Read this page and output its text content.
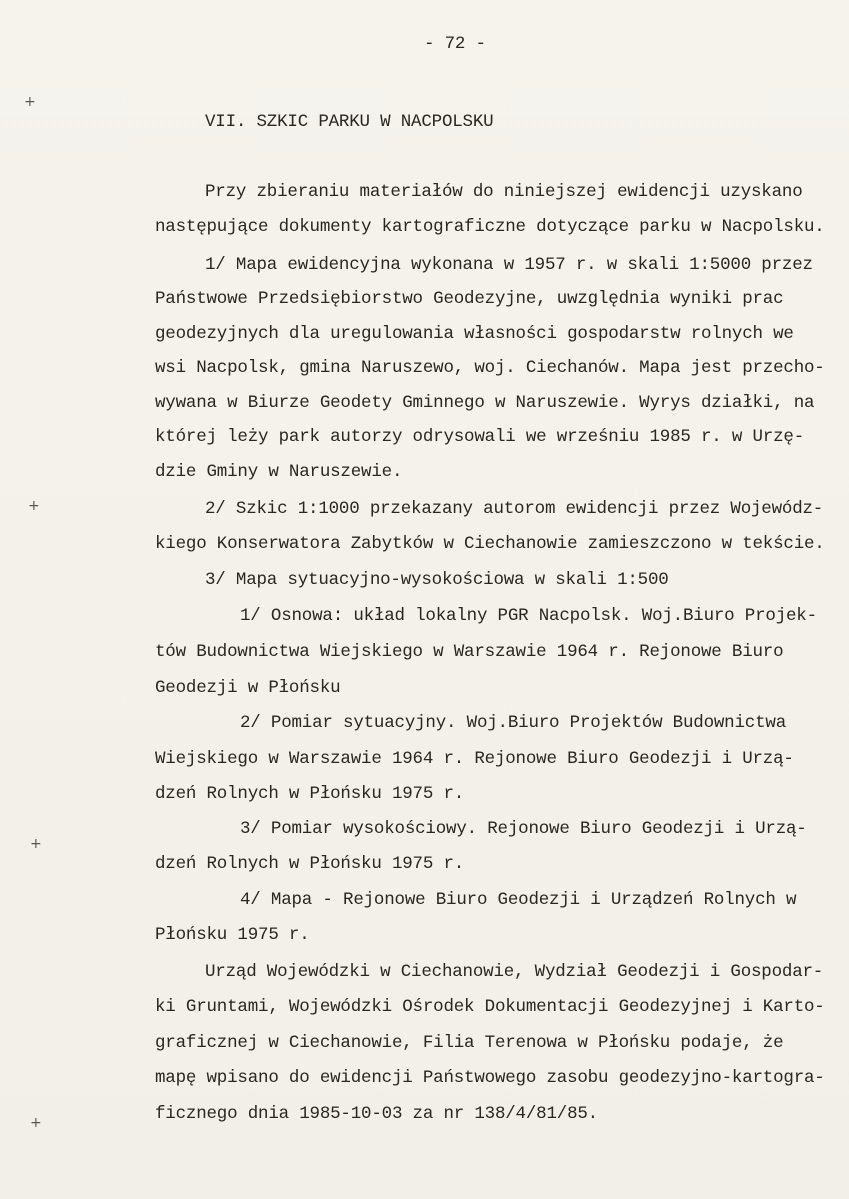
+
+
+
+
- 72 -
VII. SZKIC PARKU W NACPOLSKU
Przy zbieraniu materiałów do niniejszej ewidencji uzyskano
następujące dokumenty kartograficzne dotyczące parku w Nacpolsku.
1/ Mapa ewidencyjna wykonana w 1957 r. w skali 1:5000 przez
Państwowe Przedsiębiorstwo Geodezyjne, uwzględnia wyniki prac
geodezyjnych dla uregulowania własności gospodarstw rolnych we
wsi Nacpolsk, gmina Naruszewo, woj. Ciechanów. Mapa jest przecho-
wywana w Biurze Geodety Gminnego w Naruszewie. Wyrys działki, na
której leży park autorzy odrysowali we wrześniu 1985 r. w Urzę-
dzie Gminy w Naruszewie.
2/ Szkic 1:1000 przekazany autorom ewidencji przez Wojewódz-
kiego Konserwatora Zabytków w Ciechanowie zamieszczono w tekście.
3/ Mapa sytuacyjno-wysokościowa w skali 1:500
1/ Osnowa: układ lokalny PGR Nacpolsk. Woj.Biuro Projek-
tów Budownictwa Wiejskiego w Warszawie 1964 r. Rejonowe Biuro
Geodezji w Płońsku
2/ Pomiar sytuacyjny. Woj.Biuro Projektów Budownictwa
Wiejskiego w Warszawie 1964 r. Rejonowe Biuro Geodezji i Urzą-
dzeń Rolnych w Płońsku 1975 r.
3/ Pomiar wysokościowy. Rejonowe Biuro Geodezji i Urzą-
dzeń Rolnych w Płońsku 1975 r.
4/ Mapa - Rejonowe Biuro Geodezji i Urządzeń Rolnych w
Płońsku 1975 r.
Urząd Wojewódzki w Ciechanowie, Wydział Geodezji i Gospodar-
ki Gruntami, Wojewódzki Ośrodek Dokumentacji Geodezyjnej i Karto-
graficznej w Ciechanowie, Filia Terenowa w Płońsku podaje, że
mapę wpisano do ewidencji Państwowego zasobu geodezyjno-kartogra-
ficznego dnia 1985-10-03 za nr 138/4/81/85.
